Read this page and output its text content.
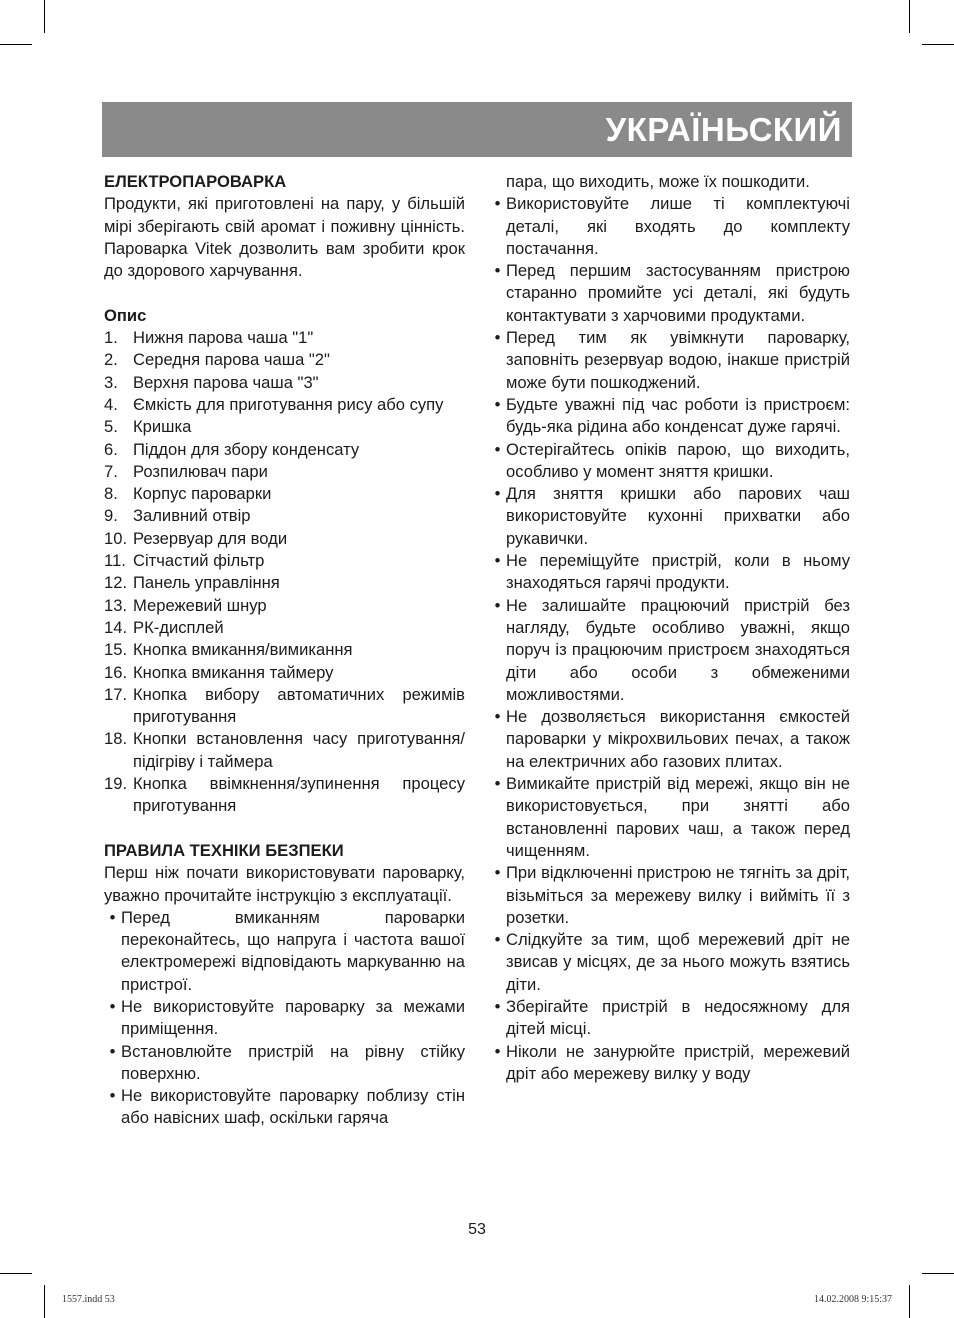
УКРАЇНЬСКИЙ
ЕЛЕКТРОПАРОВАРКА
Продукти, які приготовлені на пару, у більшій мірі зберігають свій аромат і поживну цінність. Пароварка Vitek дозволить вам зробити крок до здорового харчування.
Опис
1. Нижня парова чаша "1"
2. Середня парова чаша "2"
3. Верхня парова чаша "3"
4. Ємкість для приготування рису або супу
5. Кришка
6. Піддон для збору конденсату
7. Розпилювач пари
8. Корпус пароварки
9. Заливний отвір
10. Резервуар для води
11. Сітчастий фільтр
12. Панель управління
13. Мережевий шнур
14. РК-дисплей
15. Кнопка вмикання/вимикання
16. Кнопка вмикання таймеру
17. Кнопка вибору автоматичних режимів приготування
18. Кнопки встановлення часу приготування/підігріву і таймера
19. Кнопка ввімкнення/зупинення процесу приготування
ПРАВИЛА ТЕХНІКИ БЕЗПЕКИ
Перш ніж почати використовувати пароварку, уважно прочитайте інструкцію з експлуатації.
• Перед вмиканням пароварки переконайтесь, що напруга і частота вашої електромережі відповідають маркуванню на пристрої.
• Не використовуйте пароварку за межами приміщення.
• Встановлюйте пристрій на рівну стійку поверхню.
• Не використовуйте пароварку поблизу стін або навісних шаф, оскільки гаряча
пара, що виходить, може їх пошкодити.
• Використовуйте лише ті комплектуючі деталі, які входять до комплекту постачання.
• Перед першим застосуванням пристрою старанно промийте усі деталі, які будуть контактувати з харчовими продуктами.
• Перед тим як увімкнути пароварку, заповніть резервуар водою, інакше пристрій може бути пошкоджений.
• Будьте уважні під час роботи із пристроєм: будь-яка рідина або конденсат дуже гарячі.
• Остерігайтесь опіків парою, що виходить, особливо у момент зняття кришки.
• Для зняття кришки або парових чаш використовуйте кухонні прихватки або рукавички.
• Не переміщуйте пристрій, коли в ньому знаходяться гарячі продукти.
• Не залишайте працюючий пристрій без нагляду, будьте особливо уважні, якщо поруч із працюючим пристроєм знаходяться діти або особи з обмеженими можливостями.
• Не дозволяється використання ємкостей пароварки у мікрохвильових печах, а також на електричних або газових плитах.
• Вимикайте пристрій від мережі, якщо він не використовується, при зняттi або встановленні парових чаш, а також перед чищенням.
• При відключенні пристрою не тягніть за дріт, візьміться за мережеву вилку і вийміть її з розетки.
• Слідкуйте за тим, щоб мережевий дріт не звисав у місцях, де за нього можуть взятись діти.
• Зберігайте пристрій в недосяжному для дітей місці.
• Ніколи не занурюйте пристрій, мережевий дріт або мережеву вилку у воду
53
1557.indd 53	14.02.2008 9:15:37
